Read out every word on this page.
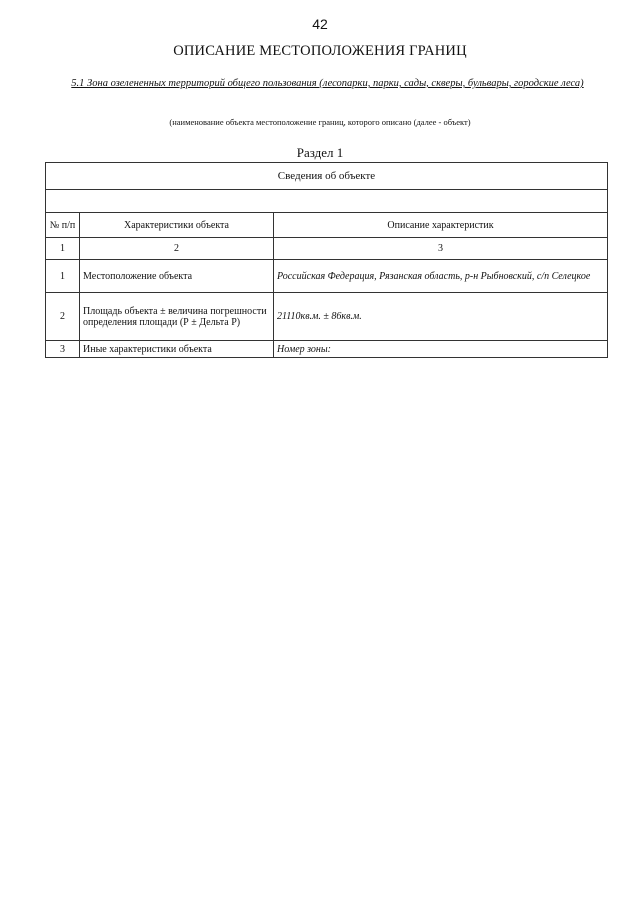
42
ОПИСАНИЕ МЕСТОПОЛОЖЕНИЯ ГРАНИЦ
5.1 Зона озелененных территорий общего пользования (лесопарки, парки, сады, скверы, бульвары, городские леса)
(наименование объекта местоположение границ, которого описано (далее - объект)
Раздел 1
Сведения об объекте		

№ п/п	Характеристики объекта	Описание характеристик
1	2	3
1	Местоположение объекта	Российская Федерация, Рязанская область, р-н Рыбновский, с/п Селецкое
2	Площадь объекта ± величина погрешности определения площади (Р ± Дельта Р)	21110кв.м. ± 86кв.м.
3	Иные характеристики объекта	Номер зоны:
